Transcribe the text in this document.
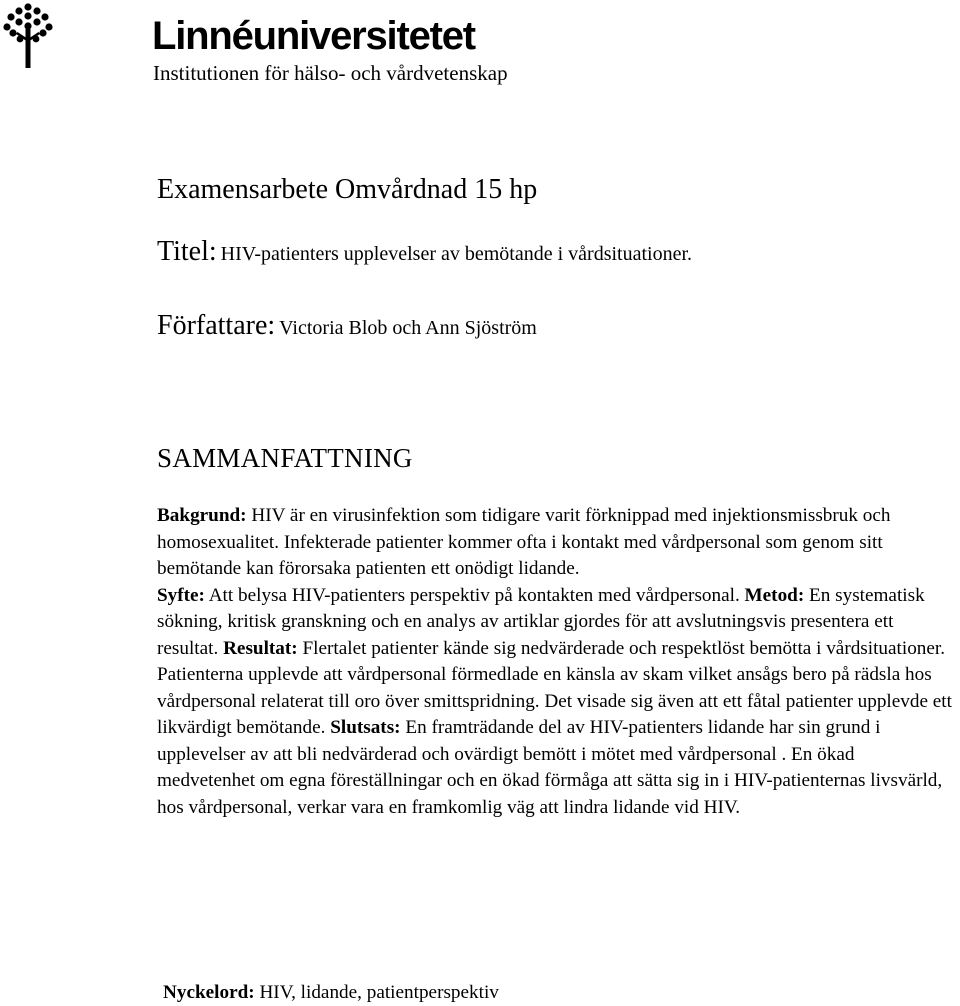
Linnéuniversitetet
Institutionen för hälso- och vårdvetenskap
Examensarbete Omvårdnad 15 hp
Titel: HIV-patienters upplevelser av bemötande i vårdsituationer.
Författare: Victoria Blob och Ann Sjöström
SAMMANFATTNING
Bakgrund: HIV är en virusinfektion som tidigare varit förknippad med injektionsmissbruk och homosexualitet. Infekterade patienter kommer ofta i kontakt med vårdpersonal som genom sitt bemötande kan förorsaka patienten ett onödigt lidande.
Syfte: Att belysa HIV-patienters perspektiv på kontakten med vårdpersonal. Metod: En systematisk sökning, kritisk granskning och en analys av artiklar gjordes för att avslutningsvis presentera ett resultat. Resultat: Flertalet patienter kände sig nedvärderade och respektlöst bemötta i vårdsituationer. Patienterna upplevde att vårdpersonal förmedlade en känsla av skam vilket ansågs bero på rädsla hos vårdpersonal relaterat till oro över smittspridning. Det visade sig även att ett fåtal patienter upplevde ett likvärdigt bemötande. Slutsats: En framträdande del av HIV-patienters lidande har sin grund i upplevelser av att bli nedvärderad och ovärdigt bemött i mötet med vårdpersonal . En ökad medvetenhet om egna föreställningar och en ökad förmåga att sätta sig in i HIV-patienternas livsvärld, hos vårdpersonal, verkar vara en framkomlig väg att lindra lidande vid HIV.
Nyckelord: HIV, lidande, patientperspektiv
